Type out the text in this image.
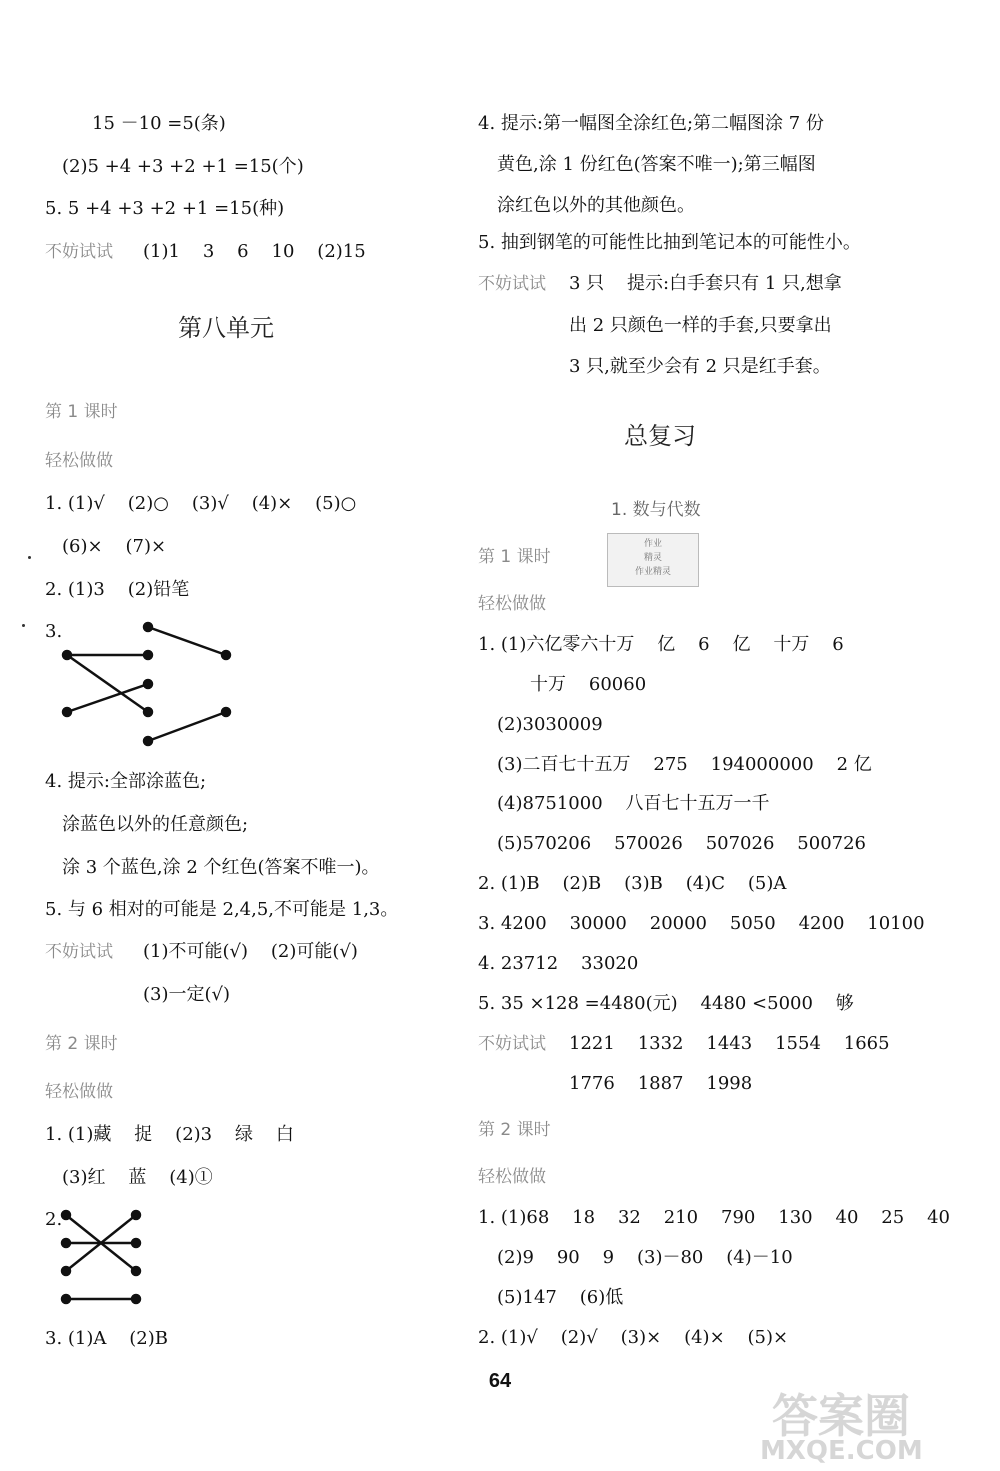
15 －10 =5(条)
(2)5 +4 +3 +2 +1 =15(个)
5. 5 +4 +3 +2 +1 =15(种)
不妨试试 (1)1    3    6    10    (2)15
第八单元
第 1 课时
轻松做做
1. (1)√    (2)○    (3)√    (4)×    (5)○
(6)×    (7)×
2. (1)3    (2)铅笔
3.
4. 提示:全部涂蓝色;
涂蓝色以外的任意颜色;
涂 3 个蓝色,涂 2 个红色(答案不唯一)。
5. 与 6 相对的可能是 2,4,5,不可能是 1,3。
不妨试试 (1)不可能(√)    (2)可能(√)
(3)一定(√)
第 2 课时
轻松做做
1. (1)藏    捉    (2)3    绿    白
(3)红    蓝    (4)①
2.
3. (1)A    (2)B
4. 提示:第一幅图全涂红色;第二幅图涂 7 份
黄色,涂 1 份红色(答案不唯一);第三幅图
涂红色以外的其他颜色。
5. 抽到钢笔的可能性比抽到笔记本的可能性小。
不妨试试 3 只    提示:白手套只有 1 只,想拿
出 2 只颜色一样的手套,只要拿出
3 只,就至少会有 2 只是红手套。
总复习
1. 数与代数
作业
精灵
作业精灵
第 1 课时
轻松做做
1. (1)六亿零六十万    亿    6    亿    十万    6
十万    60060
(2)3030009
(3)二百七十五万    275    194000000    2 亿
(4)8751000    八百七十五万一千
(5)570206    570026    507026    500726
2. (1)B    (2)B    (3)B    (4)C    (5)A
3. 4200    30000    20000    5050    4200    10100
4. 23712    33020
5. 35 ×128 =4480(元)    4480 <5000    够
不妨试试 1221    1332    1443    1554    1665
1776    1887    1998
第 2 课时
轻松做做
1. (1)68    18    32    210    790    130    40    25    40
(2)9    90    9    (3)－80    (4)－10
(5)147    (6)低
2. (1)√    (2)√    (3)×    (4)×    (5)×
64
答案圈
MXQE.COM
